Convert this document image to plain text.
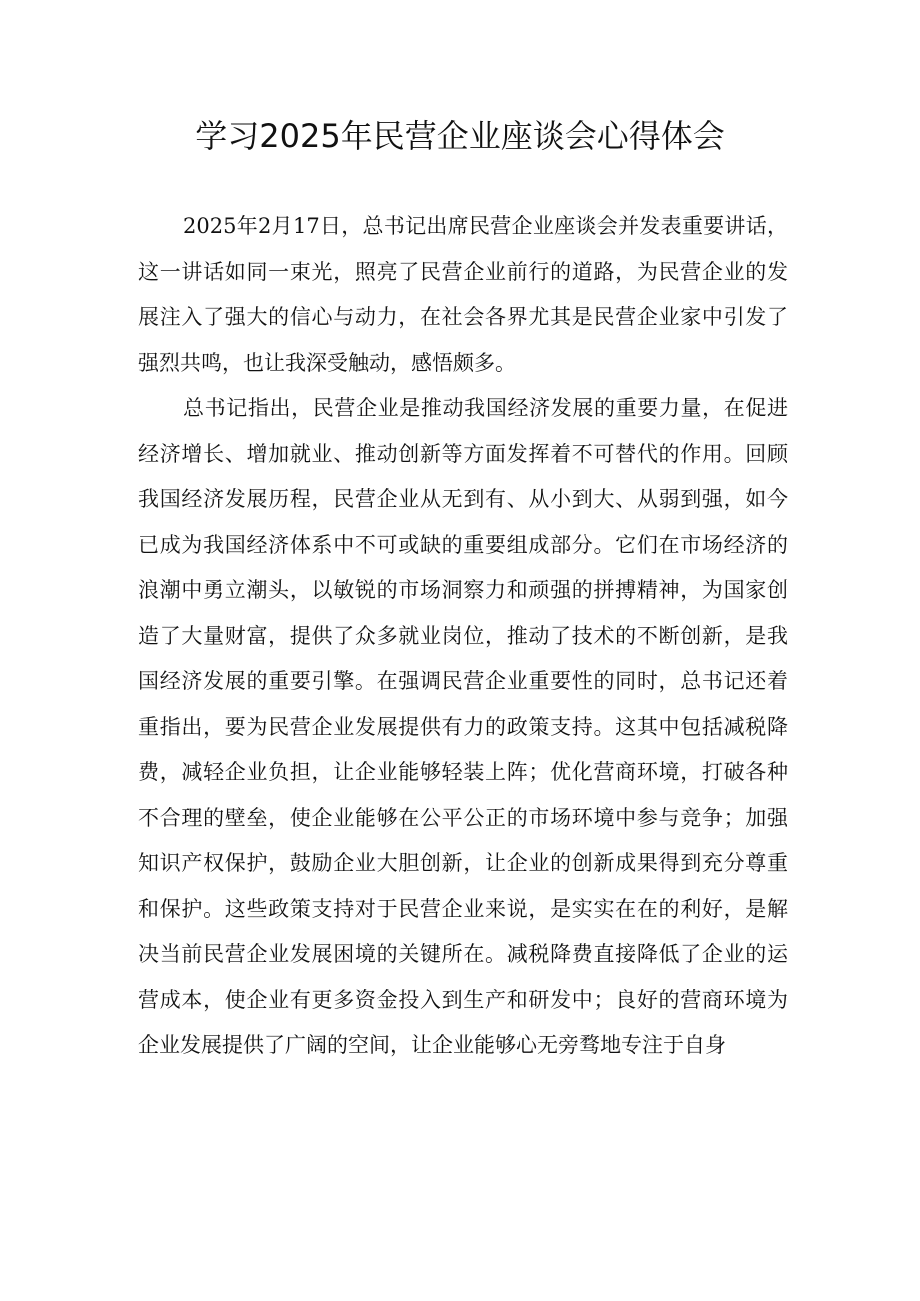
学习2025年民营企业座谈会心得体会

2025年2月17日，总书记出席民营企业座谈会并发表重要讲话，这一讲话如同一束光，照亮了民营企业前行的道路，为民营企业的发展注入了强大的信心与动力，在社会各界尤其是民营企业家中引发了强烈共鸣，也让我深受触动，感悟颇多。

总书记指出，民营企业是推动我国经济发展的重要力量，在促进经济增长、增加就业、推动创新等方面发挥着不可替代的作用。回顾我国经济发展历程，民营企业从无到有、从小到大、从弱到强，如今已成为我国经济体系中不可或缺的重要组成部分。它们在市场经济的浪潮中勇立潮头，以敏锐的市场洞察力和顽强的拼搏精神，为国家创造了大量财富，提供了众多就业岗位，推动了技术的不断创新，是我国经济发展的重要引擎。在强调民营企业重要性的同时，总书记还着重指出，要为民营企业发展提供有力的政策支持。这其中包括减税降费，减轻企业负担，让企业能够轻装上阵；优化营商环境，打破各种不合理的壁垒，使企业能够在公平公正的市场环境中参与竞争；加强知识产权保护，鼓励企业大胆创新，让企业的创新成果得到充分尊重和保护。这些政策支持对于民营企业来说，是实实在在的利好，是解决当前民营企业发展困境的关键所在。减税降费直接降低了企业的运营成本，使企业有更多资金投入到生产和研发中；良好的营商环境为企业发展提供了广阔的空间，让企业能够心无旁骛地专注于自身
